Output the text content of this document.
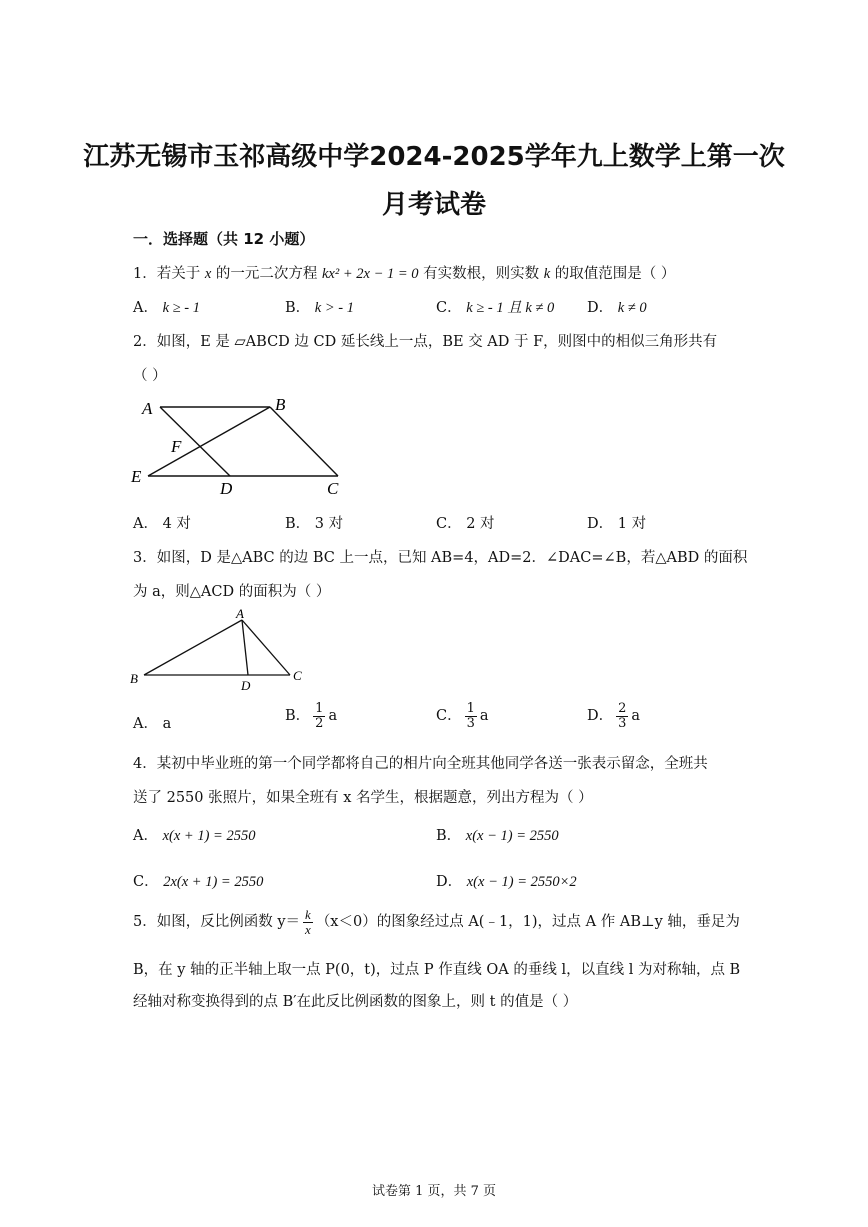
江苏无锡市玉祁高级中学2024-2025学年九上数学上第一次
月考试卷
一．选择题（共 12 小题）
1．若关于 x 的一元二次方程 kx² + 2x − 1 = 0 有实数根，则实数 k 的取值范围是（ ）
A． k ≥ - 1	B． k > - 1	C． k ≥ - 1 且 k ≠ 0 D． k ≠ 0
2．如图，E 是 ▱ABCD 边 CD 延长线上一点，BE 交 AD 于 F，则图中的相似三角形共有
（ ）
A	B
F
E
D	C
A． 4 对	B． 3 对	C． 2 对	D． 1 对
3．如图，D 是△ABC 的边 BC 上一点，已知 AB=4，AD=2．∠DAC=∠B，若△ABD 的面积
为 a，则△ACD 的面积为（ ）
A
B	D
C
A． a	B． $\frac{1}{2}$ a	C． $\frac{1}{3}$ a	D． $\frac{2}{3}$ a
4．某初中毕业班的第一个同学都将自己的相片向全班其他同学各送一张表示留念，全班共
送了 2550 张照片，如果全班有 x 名学生，根据题意，列出方程为（ ）
A． x(x + 1) = 2550	B． x(x − 1) = 2550
C． 2x(x + 1) = 2550	D． x(x − 1) = 2550×2
5．如图，反比例函数 $y= \frac{k}{x} (x<0)$的图象经过点 A(﹣1，1)，过点 A 作 AB⊥y 轴，垂足为
B，在 y 轴的正半轴上取一点 P(0，t)，过点 P 作直线 OA 的垂线 l，以直线 l 为对称轴，点 B
经轴对称变换得到的点 B′在此反比例函数的图象上，则 t 的值是（ ）
试卷第 1 页，共 7 页
